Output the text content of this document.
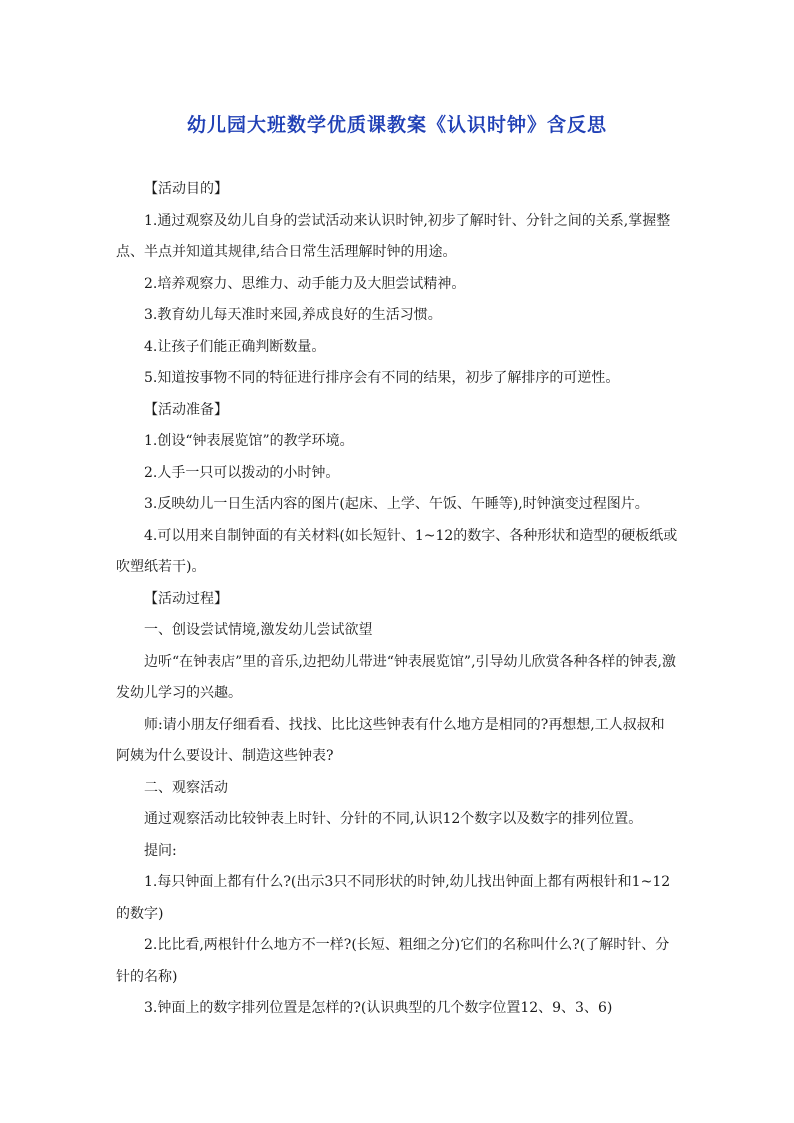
幼儿园大班数学优质课教案《认识时钟》含反思

【活动目的】

1.通过观察及幼儿自身的尝试活动来认识时钟,初步了解时针、分针之间的关系,掌握整点、半点并知道其规律,结合日常生活理解时钟的用途。

2.培养观察力、思维力、动手能力及大胆尝试精神。

3.教育幼儿每天准时来园,养成良好的生活习惯。

4.让孩子们能正确判断数量。

5.知道按事物不同的特征进行排序会有不同的结果，初步了解排序的可逆性。

【活动准备】

1.创设“钟表展览馆”的教学环境。

2.人手一只可以拨动的小时钟。

3.反映幼儿一日生活内容的图片(起床、上学、午饭、午睡等),时钟演变过程图片。

4.可以用来自制钟面的有关材料(如长短针、1~12的数字、各种形状和造型的硬板纸或吹塑纸若干)。

【活动过程】

一、创设尝试情境,激发幼儿尝试欲望

边听“在钟表店”里的音乐,边把幼儿带进“钟表展览馆”,引导幼儿欣赏各种各样的钟表,激发幼儿学习的兴趣。

师:请小朋友仔细看看、找找、比比这些钟表有什么地方是相同的?再想想,工人叔叔和阿姨为什么要设计、制造这些钟表?

二、观察活动

通过观察活动比较钟表上时针、分针的不同,认识12个数字以及数字的排列位置。

提问:

1.每只钟面上都有什么?(出示3只不同形状的时钟,幼儿找出钟面上都有两根针和1~12的数字)

2.比比看,两根针什么地方不一样?(长短、粗细之分)它们的名称叫什么?(了解时针、分针的名称)

3.钟面上的数字排列位置是怎样的?(认识典型的几个数字位置12、9、3、6)
